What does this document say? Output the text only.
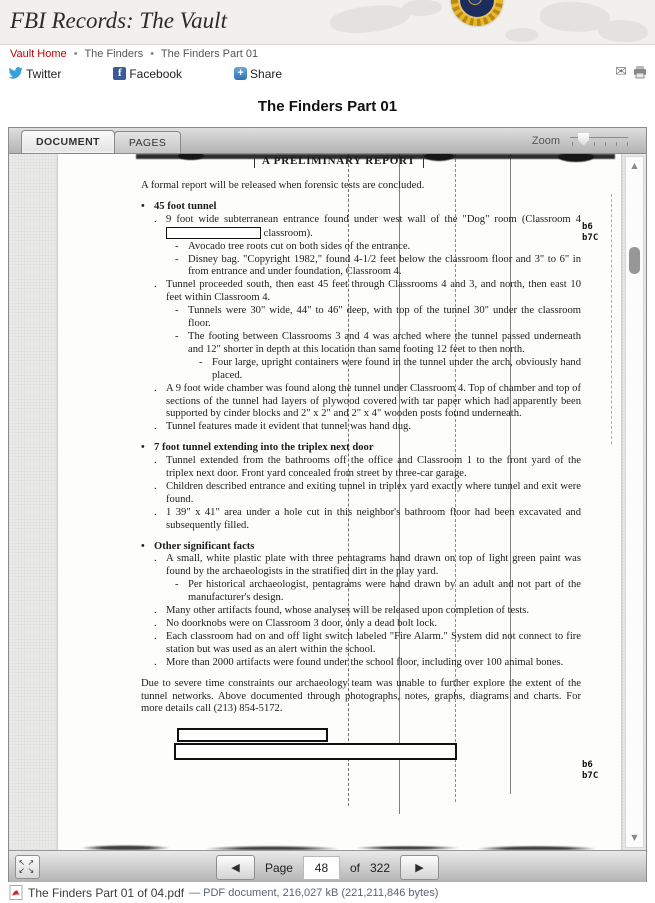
FBI Records: The Vault
Vault Home • The Finders • The Finders Part 01
Twitter	f Facebook	+ Share	✉
The Finders Part 01
DOCUMENT	PAGES	Zoom
A PRELIMINARY REPORT
A formal report will be released when forensic tests are concluded.
• 45 foot tunnel
. 9 foot wide subterranean entrance found under west wall of the "Dog" room (Classroom 4  classroom).
- Avocado tree roots cut on both sides of the entrance.
- Disney bag. "Copyright 1982," found 4-1/2 feet below the classroom floor and 3" to 6" in from entrance and under foundation, Classroom 4.
. Tunnel proceeded south, then east 45 feet through Classrooms 4 and 3, and north, then east 10 feet within Classroom 4.
- Tunnels were 30" wide, 44" to 46" deep, with top of the tunnel 30" under the classroom floor.
- The footing between Classrooms 3 and 4 was arched where the tunnel passed underneath and 12" shorter in depth at this location than same footing 12 feet to then north.
- Four large, upright containers were found in the tunnel under the arch, obviously hand placed.
. A 9 foot wide chamber was found along the tunnel under Classroom 4. Top of chamber and top of sections of the tunnel had layers of plywood covered with tar paper which had apparently been supported by cinder blocks and 2" x 2" and 2" x 4" wooden posts found underneath.
. Tunnel features made it evident that tunnel was hand dug.
• 7 foot tunnel extending into the triplex next door
. Tunnel extended from the bathrooms off the office and Classroom 1 to the front yard of the triplex next door. Front yard concealed from street by three-car garage.
. Children described entrance and exiting tunnel in triplex yard exactly where tunnel and exit were found.
. 1 39" x 41" area under a hole cut in this neighbor's bathroom floor had been excavated and subsequently filled.
• Other significant facts
. A small, white plastic plate with three pentagrams hand drawn on top of light green paint was found by the archaeologists in the stratified dirt in the play yard.
- Per historical archaeologist, pentagrams were hand drawn by an adult and not part of the manufacturer's design.
. Many other artifacts found, whose analyses will be released upon completion of tests.
. No doorknobs were on Classroom 3 door, only a dead bolt lock.
. Each classroom had on and off light switch labeled "Fire Alarm." System did not connect to fire station but was used as an alert within the school.
. More than 2000 artifacts were found under the school floor, including over 100 animal bones.
Due to severe time constraints our archaeology team was unable to further explore the extent of the tunnel networks. Above documented through photographs, notes, graphs, diagrams and charts. For more details call (213) 854-5172.
b6
b7C
b6
b7C
▲
▼
↖ ↗
↙ ↘	◀	Page
48	of 322	▶
The Finders Part 01 of 04.pdf — PDF document, 216,027 kB (221,211,846 bytes)
